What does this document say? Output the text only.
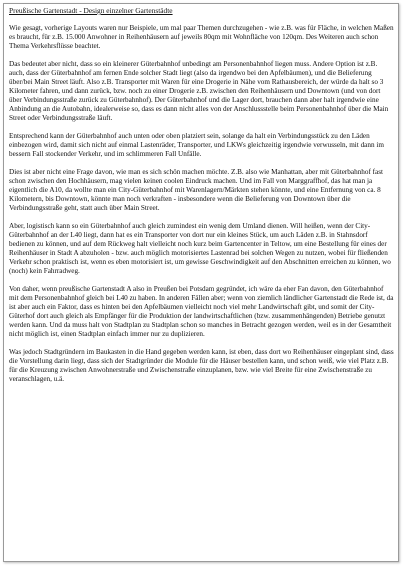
Preußische Gartenstadt - Design einzelner Gartenstädte

Wie gesagt, vorherige Layouts waren nur Beispiele, um mal paar Themen durchzugehen - wie z.B. was für Fläche, in welchen Maßen es braucht, für z.B. 15.000 Anwohner in Reihenhäusern auf jeweils 80qm mit Wohnfläche von 120qm. Des Weiteren auch schon Thema Verkehrsflüsse beachtet.

Das bedeutet aber nicht, dass so ein kleinerer Güterbahnhof unbedingt am Personenbahnhof liegen muss. Andere Option ist z.B. auch, dass der Güterbahnhof am fernen Ende solcher Stadt liegt (also da irgendwo bei den Apfelbäumen), und die Belieferung über/bei Main Street läuft. Also z.B. Transporter mit Waren für eine Drogerie in Nähe vom Rathausbereich, der würde da halt so 3 Kilometer fahren, und dann zurück, bzw. noch zu einer Drogerie z.B. zwischen den Reihenhäusern und Downtown (und von dort über Verbindungsstraße zurück zu Güterbahnhof). Der Güterbahnhof und die Lager dort, brauchen dann aber halt irgendwie eine Anbindung an die Autobahn, idealerweise so, dass es dann nicht alles von der Anschlussstelle beim Personenbahnhof über die Main Street oder Verbindungsstraße läuft.

Entsprechend kann der Güterbahnhof auch unten oder oben platziert sein, solange da halt ein Verbindungsstück zu den Läden einbezogen wird, damit sich nicht auf einmal Lastenräder, Transporter, und LKWs gleichzeitig irgendwie verwusseln, mit dann im bessern Fall stockender Verkehr, und im schlimmeren Fall Unfälle.

Dies ist aber nicht eine Frage davon, wie man es sich schön machen möchte. Z.B. also wie Manhattan, aber mit Güterbahnhof fast schon zwischen den Hochhäusern, mag vielen keinen coolen Eindruck machen. Und im Fall von Marggraffhof, das hat man ja eigentlich die A10, da wollte man ein City-Güterbahnhof mit Warenlagern/Märkten stehen könnte, und eine Entfernung von ca. 8 Kilometern, bis Downtown, könnte man noch verkraften - insbesondere wenn die Belieferung von Downtown über die Verbindungsstraße geht, statt auch über Main Street.

Aber, logistisch kann so ein Güterbahnhof auch gleich zumindest ein wenig dem Umland dienen. Will heißen, wenn der City-Güterbahnhof an der L40 liegt, dann hat es ein Transporter von dort nur ein kleines Stück, um auch Läden z.B. in Stahnsdorf bedienen zu können, und auf dem Rückweg halt vielleicht noch kurz beim Gartencenter in Teltow, um eine Bestellung für eines der Reihenhäuser in Stadt A abzuholen - bzw. auch möglich motorisiertes Lastenrad bei solchen Wegen zu nutzen, wobei für fließenden Verkehr schon praktisch ist, wenn es eben motorisiert ist, um gewisse Geschwindigkeit auf den Abschnitten erreichen zu können, wo (noch) kein Fahrradweg.

Von daher, wenn preußische Gartenstadt A also in Preußen bei Potsdam gegründet, ich wäre da eher Fan davon, den Güterbahnhof mit dem Personenbahnhof gleich bei L40 zu haben. In anderen Fällen aber; wenn von ziemlich ländlicher Gartenstadt die Rede ist, da ist aber auch ein Faktor, dass es hinten bei den Apfelbäumen vielleicht noch viel mehr Landwirtschaft gibt, und somit der City-Güterhof dort auch gleich als Empfänger für die Produktion der landwirtschaftlichen (bzw. zusammenhängenden) Betriebe genutzt werden kann. Und da muss halt von Stadtplan zu Stadtplan schon so manches in Betracht gezogen werden, weil es in der Gesamtheit nicht möglich ist, einen Stadtplan einfach immer nur zu duplizieren.

Was jedoch Stadtgründern im Baukasten in die Hand gegeben werden kann, ist eben, dass dort wo Reihenhäuser eingeplant sind, dass die Vorstellung darin liegt, dass sich der Stadtgründer die Module für die Häuser bestellen kann, und schon weiß, wie viel Platz z.B. für die Kreuzung zwischen Anwohnerstraße und Zwischenstraße einzuplanen, bzw. wie viel Breite für eine Zwischenstraße zu veranschlagen, u.ä.
